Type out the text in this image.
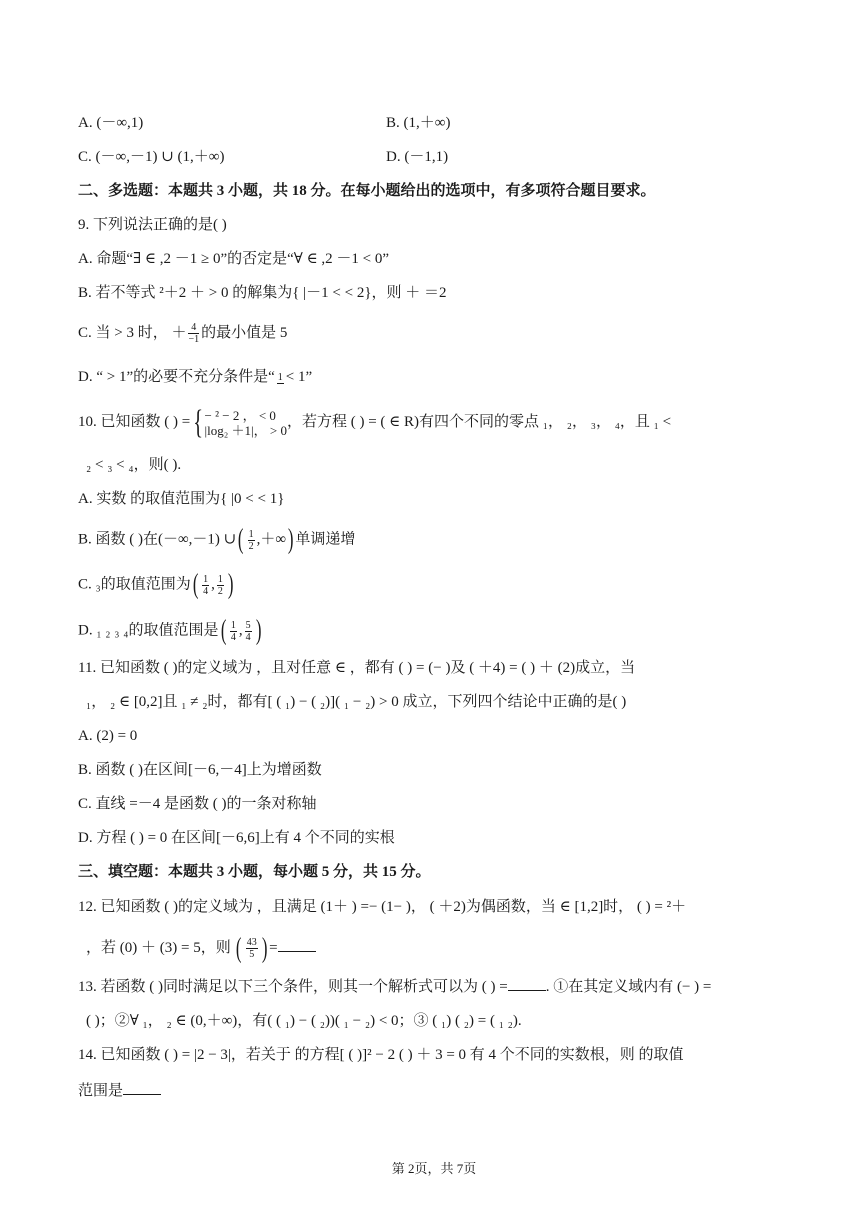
A. (－∞,1)	B. (1,＋∞)
C. (－∞,－1) ∪ (1,＋∞)	D. (－1,1)
二、多选题：本题共 3 小题，共 18 分。在每小题给出的选项中，有多项符合题目要求。
9. 下列说法正确的是( )
A. 命题“∃ ∈ ,2 －1 ≥ 0”的否定是“∀ ∈ ,2 －1 < 0”
B. 若不等式 ²＋2 ＋ > 0 的解集为{ |－1 < < 2}，则 ＋ ＝2
C. 当 > 3 时， ＋ $\frac{4}{-1}$ 的最小值是 5
D. “ > 1”的必要不充分条件是“ 1 < 1”
10. 已知函数 ( ) ={ − ² − 2 ， < 0
|log₂ ＋1|， > 0
，若方程 ( ) = ( ∈ R)有四个不同的零点 ₁， ₂， ₃， ₄，且 ₁ <
₂ < ₃ < ₄，则( ).
A. 实数 的取值范围为{ |0 < < 1}
B. 函数 ( )在(－∞,－1) ∪( $\frac{1}{2}$ ,＋∞) 单调递增
C. ₃的取值范围为( $\frac{1}{4}$ , $\frac{1}{2}$ )
D. ₁ ₂ ₃ ₄的取值范围是( $\frac{1}{4}$ , $\frac{5}{4}$ )
11. 已知函数 ( )的定义域为 ，且对任意 ∈ ，都有 ( ) = (− )及 ( ＋4) = ( ) ＋ (2)成立，当
₁， ₂ ∈ [0,2]且 ₁ ≠ ₂时，都有[ ( ₁) − ( ₂)]( ₁ − ₂) > 0 成立，下列四个结论中正确的是( )
A. (2) = 0
B. 函数 ( )在区间[－6,－4]上为增函数
C. 直线 =－4 是函数 ( )的一条对称轴
D. 方程 ( ) = 0 在区间[－6,6]上有 4 个不同的实根
三、填空题：本题共 3 小题，每小题 5 分，共 15 分。
12. 已知函数 ( )的定义域为 ，且满足 (1＋ ) =− (1− )， ( ＋2)为偶函数，当 ∈ [1,2]时， ( ) = ²＋
，若 (0) ＋ (3) = 5，则 ( $\frac{43}{5}$ ) =
13. 若函数 ( )同时满足以下三个条件，则其一个解析式可以为 ( ) =	. ①在其定义域内有 (− ) =
( )；②∀ ₁， ₂ ∈ (0,＋∞)，有( ( ₁) − ( ₂))( ₁ − ₂) < 0；③ ( ₁) ( ₂) = ( ₁ ₂).
14. 已知函数 ( ) = |2 − 3|，若关于 的方程[ ( )]² − 2 ( ) ＋ 3 = 0 有 4 个不同的实数根，则 的取值
范围是
第 2页，共 7页
